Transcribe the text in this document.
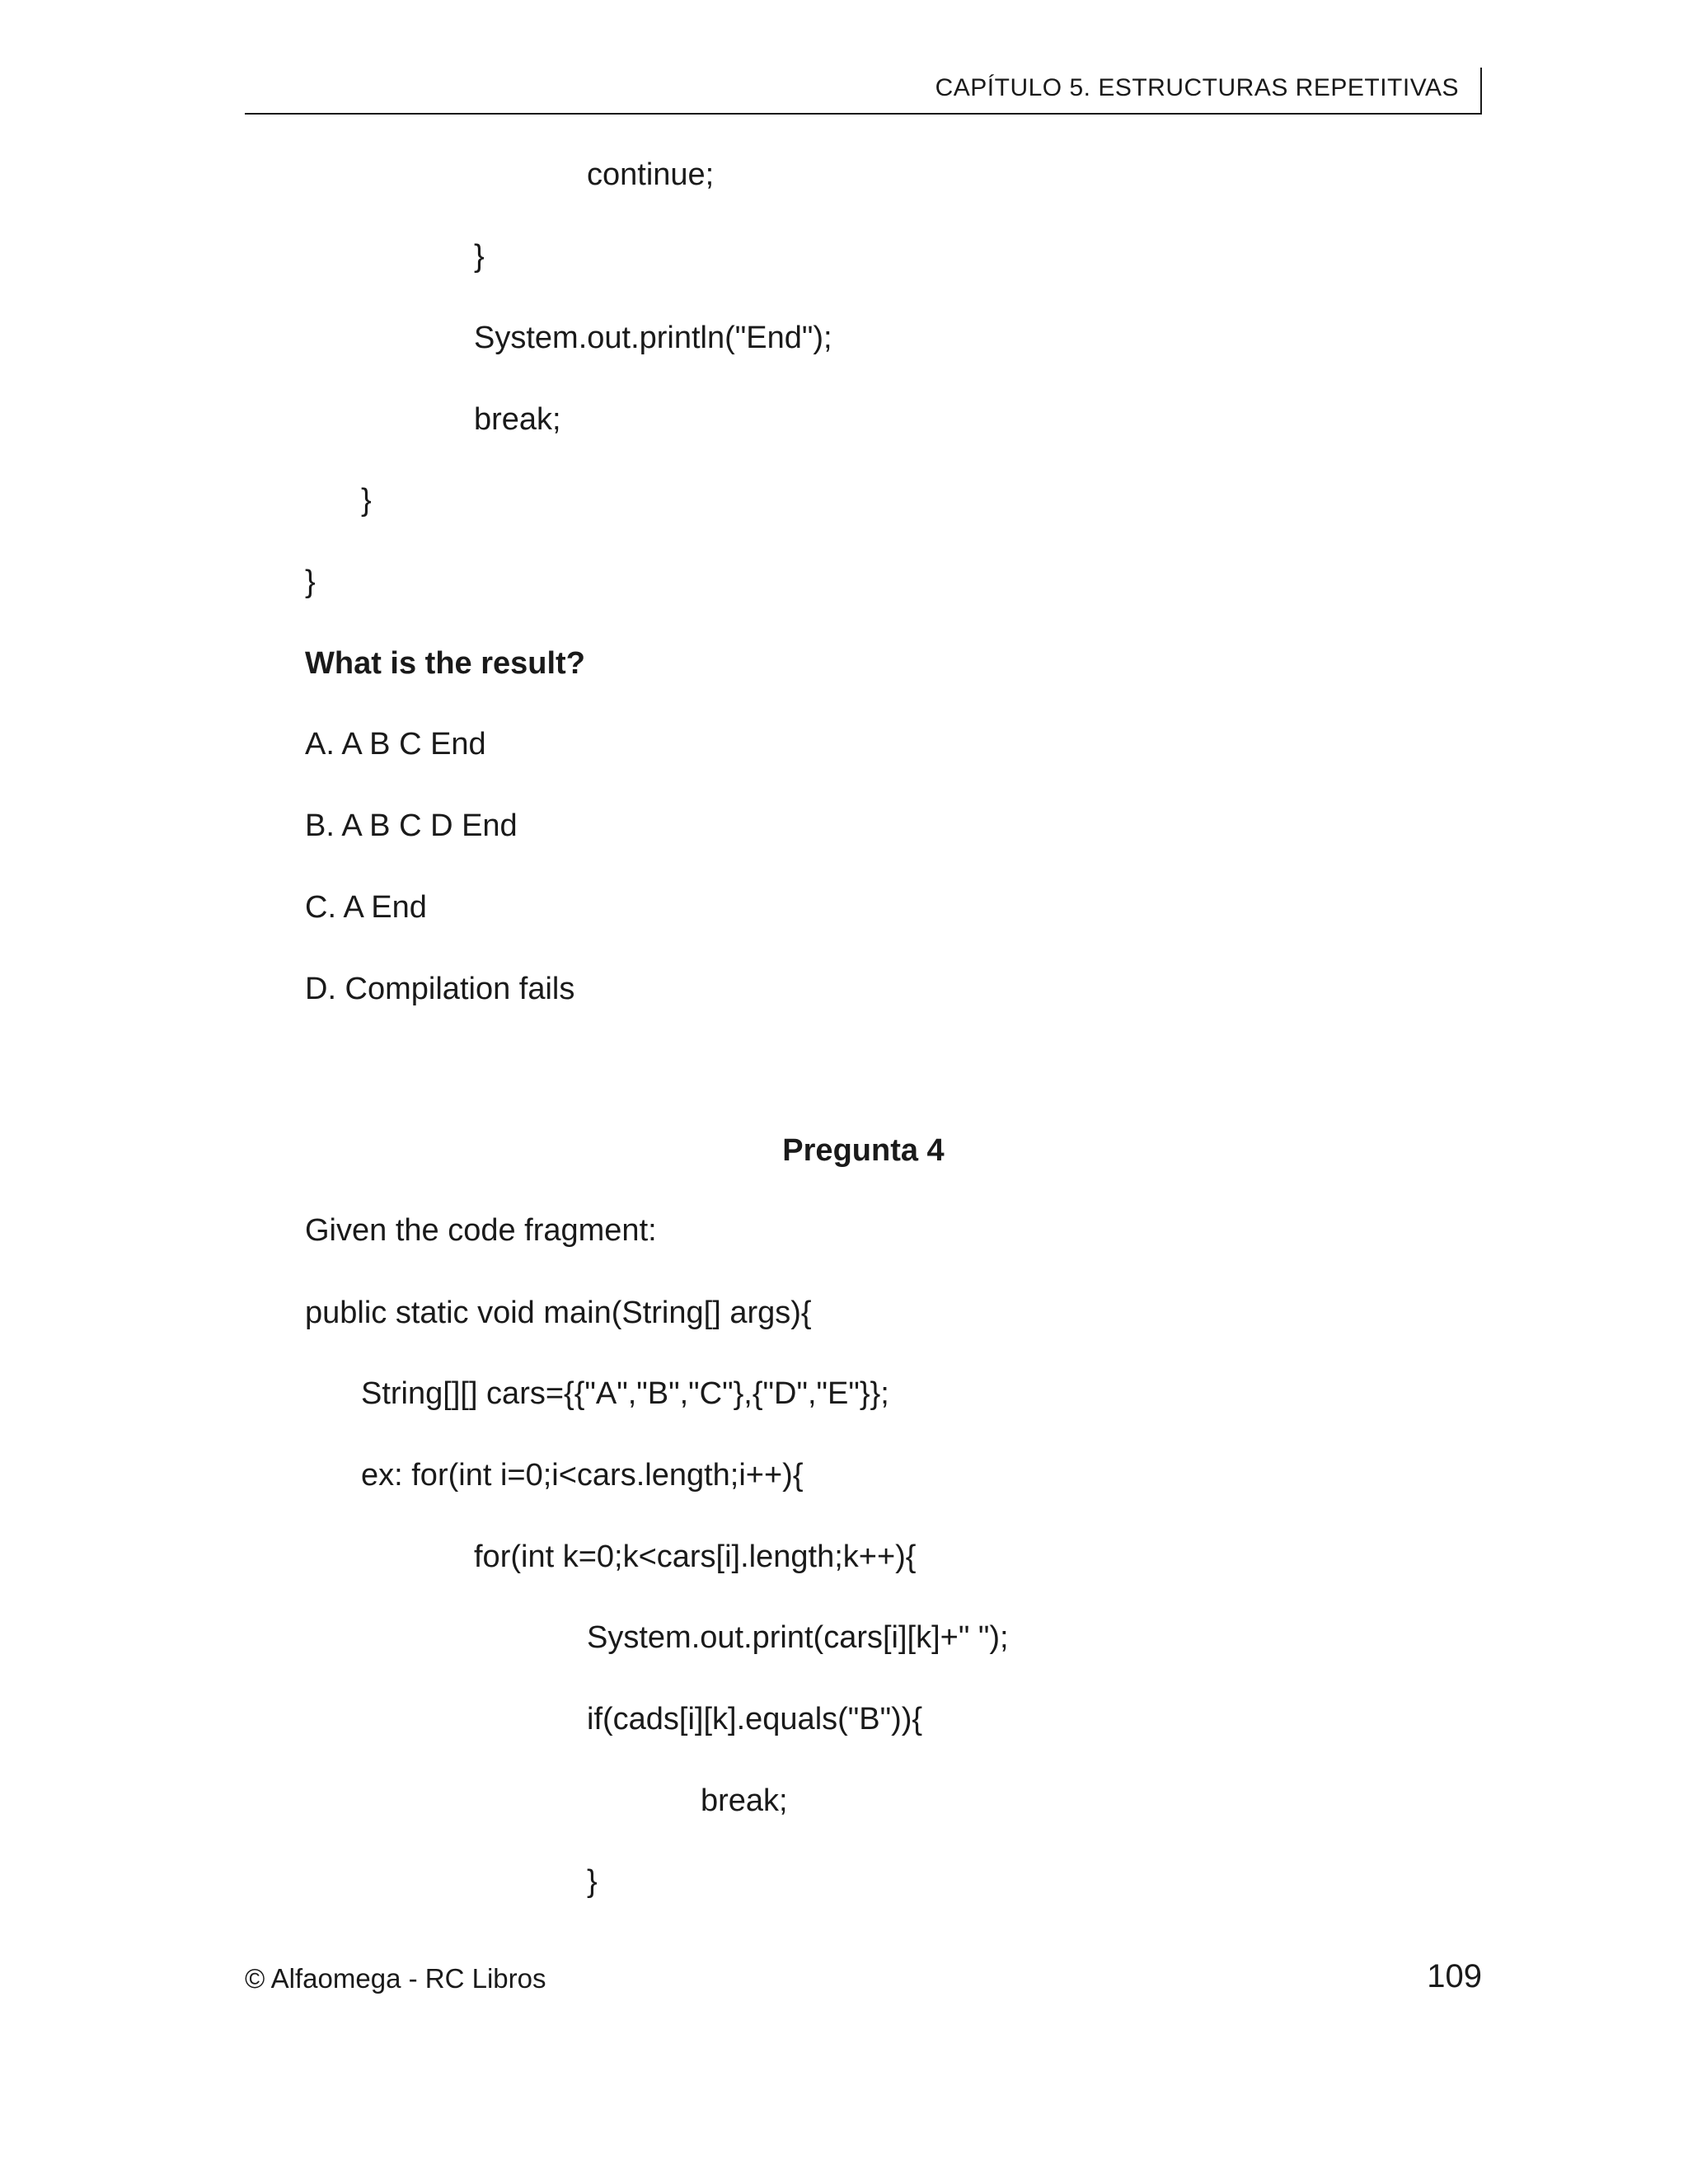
CAPÍTULO 5. ESTRUCTURAS REPETITIVAS
continue;
}
System.out.println("End");
break;
}
}
What is the result?
A. A B C End
B. A B C D End
C. A End
D. Compilation fails
Pregunta 4
Given the code fragment:
public static void main(String[] args){
String[][] cars={{"A","B","C"},{"D","E"}};
ex: for(int i=0;i<cars.length;i++){
for(int k=0;k<cars[i].length;k++){
System.out.print(cars[i][k]+" ");
if(cads[i][k].equals("B")){
break;
}
© Alfaomega - RC Libros	109
